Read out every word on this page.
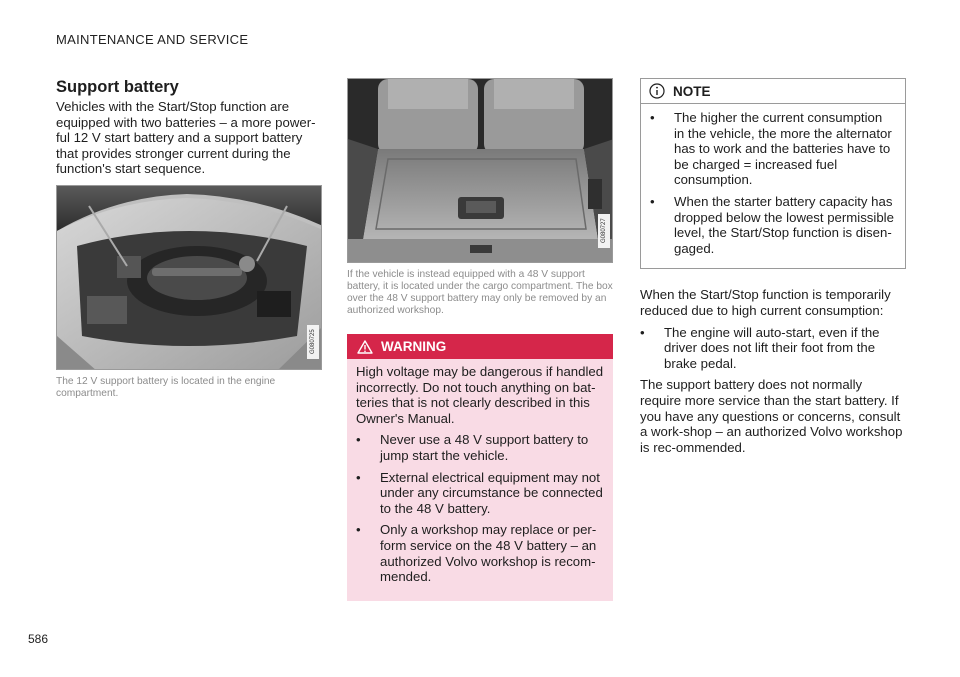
MAINTENANCE AND SERVICE
Support battery

Vehicles with the Start/Stop function are equipped with two batteries – a more power-ful 12 V start battery and a support battery that provides stronger current during the function's start sequence.

G080725

The 12 V support battery is located in the engine compartment.

G080727

If the vehicle is instead equipped with a 48 V support battery, it is located under the cargo compartment. The box over the 48 V support battery may only be removed by an authorized workshop.

WARNING

High voltage may be dangerous if handled incorrectly. Do not touch anything on bat-teries that is not clearly described in this Owner's Manual.

•	Never use a 48 V support battery to jump start the vehicle.
•	External electrical equipment may not under any circumstance be connected to the 48 V battery.
•	Only a workshop may replace or per-form service on the 48 V battery – an authorized Volvo workshop is recom-mended.
NOTE
•	The higher the current consumption in the vehicle, the more the alternator has to work and the batteries have to be charged = increased fuel consumption.
•	When the starter battery capacity has dropped below the lowest permissible level, the Start/Stop function is disen-gaged.

When the Start/Stop function is temporarily reduced due to high current consumption:

•	The engine will auto-start, even if the driver does not lift their foot from the brake pedal.

The support battery does not normally require more service than the start battery. If you have any questions or concerns, consult a work-shop – an authorized Volvo workshop is rec-ommended.

586
